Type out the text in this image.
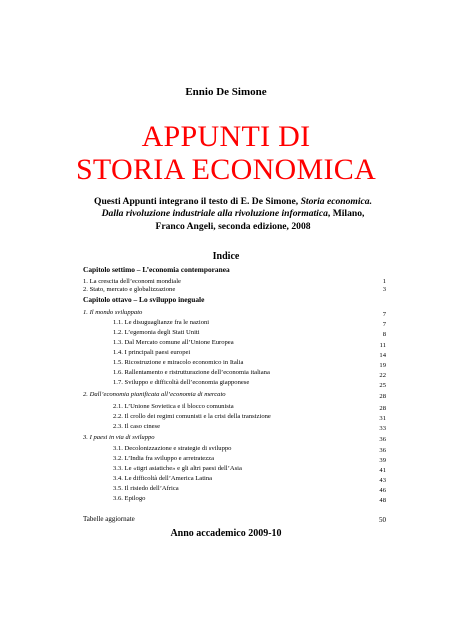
Ennio De Simone
APPUNTI DI
STORIA ECONOMICA
Questi Appunti integrano il testo di E. De Simone, Storia economica. Dalla rivoluzione industriale alla rivoluzione informatica, Milano, Franco Angeli, seconda edizione, 2008
Indice
Capitolo settimo – L’economia contemporanea
1. La crescita dell’economi mondiale	1
2. Stato, mercato e globalizzazione	3
Capitolo ottavo – Lo sviluppo ineguale
1. Il mondo sviluppato	7
1.1. Le disuguaglianze fra le nazioni	7
1.2. L’egemonia degli Stati Uniti	8
1.3. Dal Mercato comune all’Unione Europea	11
1.4. I principali paesi europei	14
1.5. Ricostruzione e miracolo economico in Italia	19
1.6. Rallentamento e ristrutturazione dell’economia italiana	22
1.7. Sviluppo e difficoltà dell’economia giapponese	25
2. Dall’economia pianificata all’economia di mercato	28
2.1. L’Unione Sovietica e il blocco comunista	28
2.2. Il crollo dei regimi comunisti e la crisi della transizione	31
2.3. Il caso cinese	33
3. I paesi in via di sviluppo	36
3.1. Decolonizzazione e strategie di sviluppo	36
3.2. L’India fra sviluppo e arretratezza	39
3.3. Le «tigri asiatiche» e gli altri paesi dell’Asia	41
3.4. Le difficoltà dell’America Latina	43
3.5. Il risiedo dell’Africa	46
3.6. Epilogo	48
Tabelle aggiornate	50
Anno accademico 2009-10
